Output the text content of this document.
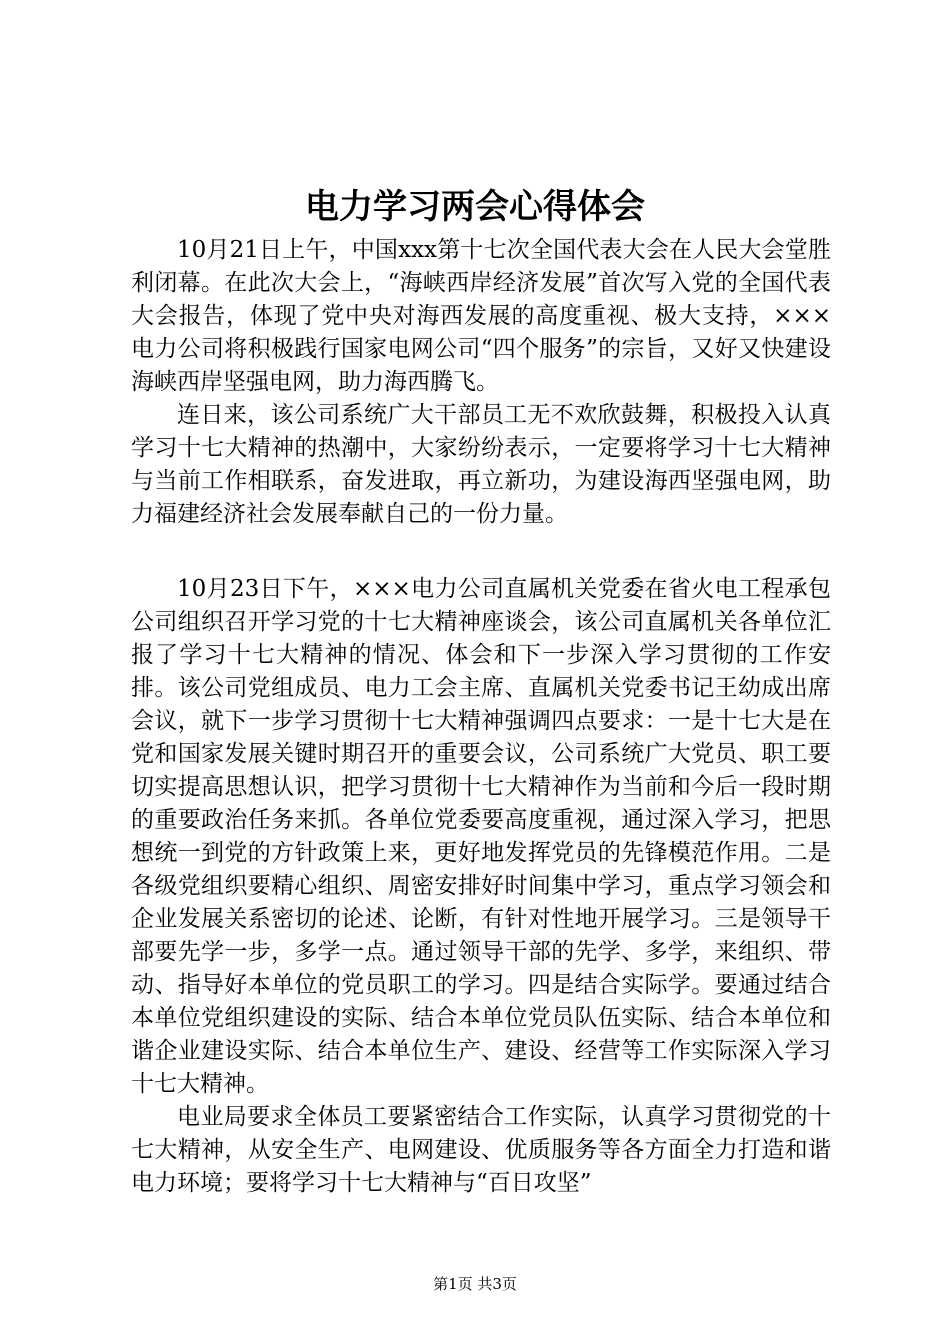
电力学习两会心得体会

10月21日上午，中国xxx第十七次全国代表大会在人民大会堂胜利闭幕。在此次大会上，“海峡西岸经济发展”首次写入党的全国代表大会报告，体现了党中央对海西发展的高度重视、极大支持，×××电力公司将积极践行国家电网公司“四个服务”的宗旨，又好又快建设海峡西岸坚强电网，助力海西腾飞。

连日来，该公司系统广大干部员工无不欢欣鼓舞，积极投入认真学习十七大精神的热潮中，大家纷纷表示，一定要将学习十七大精神与当前工作相联系，奋发进取，再立新功，为建设海西坚强电网，助力福建经济社会发展奉献自己的一份力量。

10月23日下午，×××电力公司直属机关党委在省火电工程承包公司组织召开学习党的十七大精神座谈会，该公司直属机关各单位汇报了学习十七大精神的情况、体会和下一步深入学习贯彻的工作安排。该公司党组成员、电力工会主席、直属机关党委书记王幼成出席会议，就下一步学习贯彻十七大精神强调四点要求：一是十七大是在党和国家发展关键时期召开的重要会议，公司系统广大党员、职工要切实提高思想认识，把学习贯彻十七大精神作为当前和今后一段时期的重要政治任务来抓。各单位党委要高度重视，通过深入学习，把思想统一到党的方针政策上来，更好地发挥党员的先锋模范作用。二是各级党组织要精心组织、周密安排好时间集中学习，重点学习领会和企业发展关系密切的论述、论断，有针对性地开展学习。三是领导干部要先学一步，多学一点。通过领导干部的先学、多学，来组织、带动、指导好本单位的党员职工的学习。四是结合实际学。要通过结合本单位党组织建设的实际、结合本单位党员队伍实际、结合本单位和谐企业建设实际、结合本单位生产、建设、经营等工作实际深入学习十七大精神。

电业局要求全体员工要紧密结合工作实际，认真学习贯彻党的十七大精神，从安全生产、电网建设、优质服务等各方面全力打造和谐电力环境；要将学习十七大精神与“百日攻坚”

第1页 共3页
